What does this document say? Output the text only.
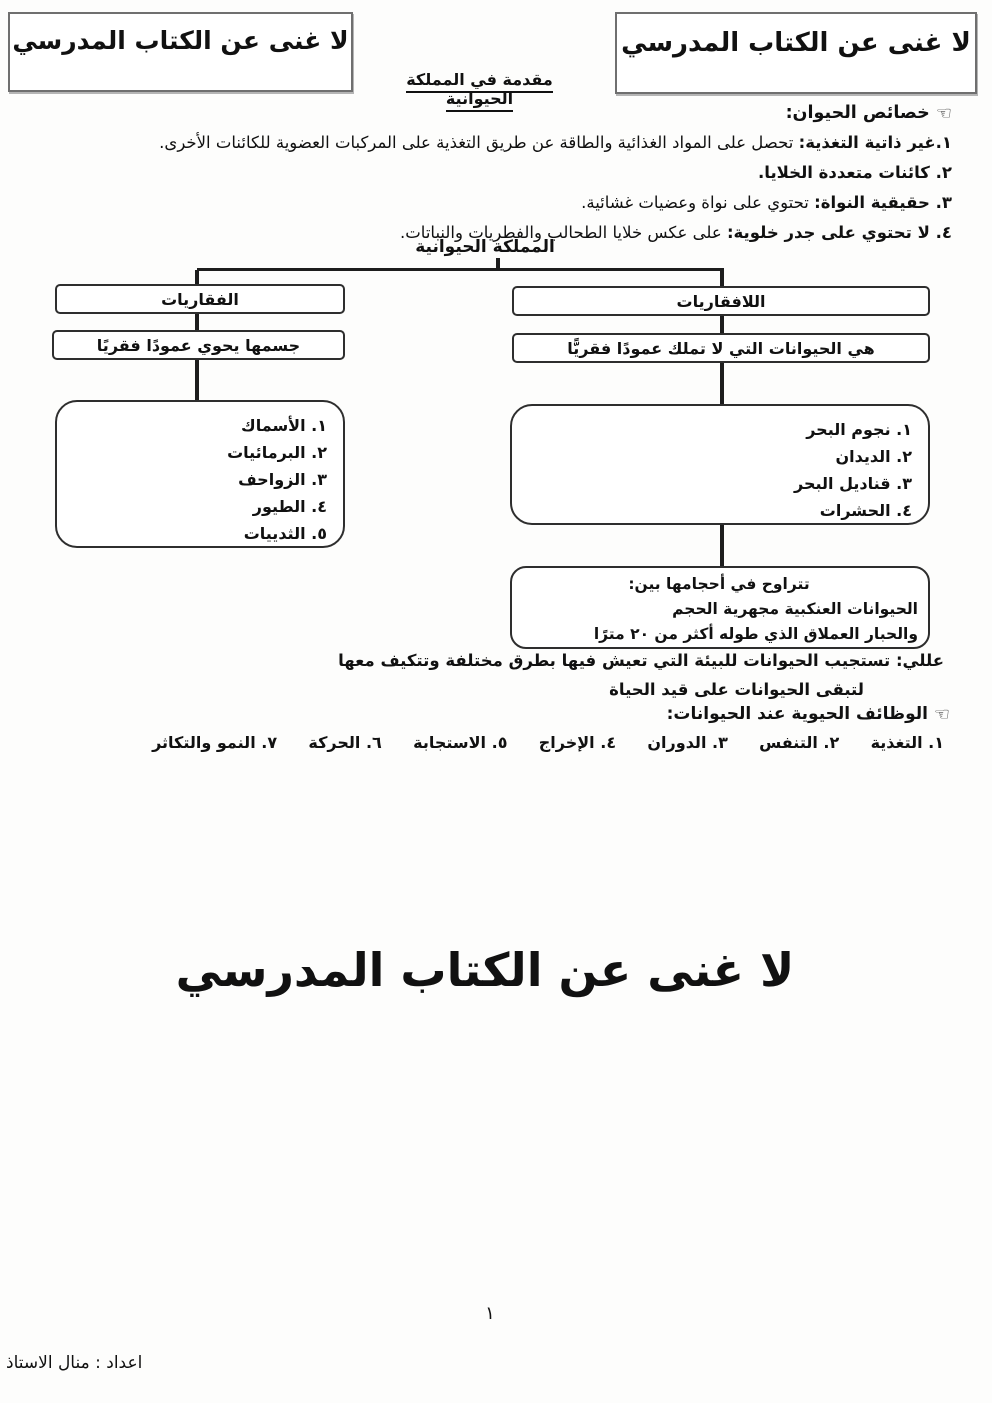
لا غنى عن الكتاب المدرسي	لا غنى عن الكتاب المدرسي
مقدمة في المملكة الحيوانية
☜ خصائص الحيوان:
١.غير ذاتية التغذية: تحصل على المواد الغذائية والطاقة عن طريق التغذية على المركبات العضوية للكائنات الأخرى.
٢. كائنات متعددة الخلايا.
٣. حقيقية النواة: تحتوي على نواة وعضيات غشائية.
٤. لا تحتوي على جدر خلوية: على عكس خلايا الطحالب والفطريات والنباتات.
المملكة الحيوانية
الفقاريات
جسمها يحوي عمودًا فقريًا
١. الأسماك
٢. البرمائيات
٣. الزواحف
٤. الطيور
٥. الثدييات
اللافقاريات
هي الحيوانات التي لا تملك عمودًا فقريًّا
١. نجوم البحر
٢. الديدان
٣. قناديل البحر
٤. الحشرات
تتراوح في أحجامها بين:
الحيوانات العنكبية مجهرية الحجم
والحبار العملاق الذي طوله أكثر من ٢٠ مترًا
عللي: تستجيب الحيوانات للبيئة التي تعيش فيها بطرق مختلفة وتتكيف معها
لتبقى الحيوانات على قيد الحياة
☜ الوظائف الحيوية عند الحيوانات:
١. التغذية
٢. التنفس
٣. الدوران
٤. الإخراج
٥. الاستجابة
٦. الحركة
٧. النمو والتكاثر
لا غنى عن الكتاب المدرسي
١
اعداد : منال الاستاذ
